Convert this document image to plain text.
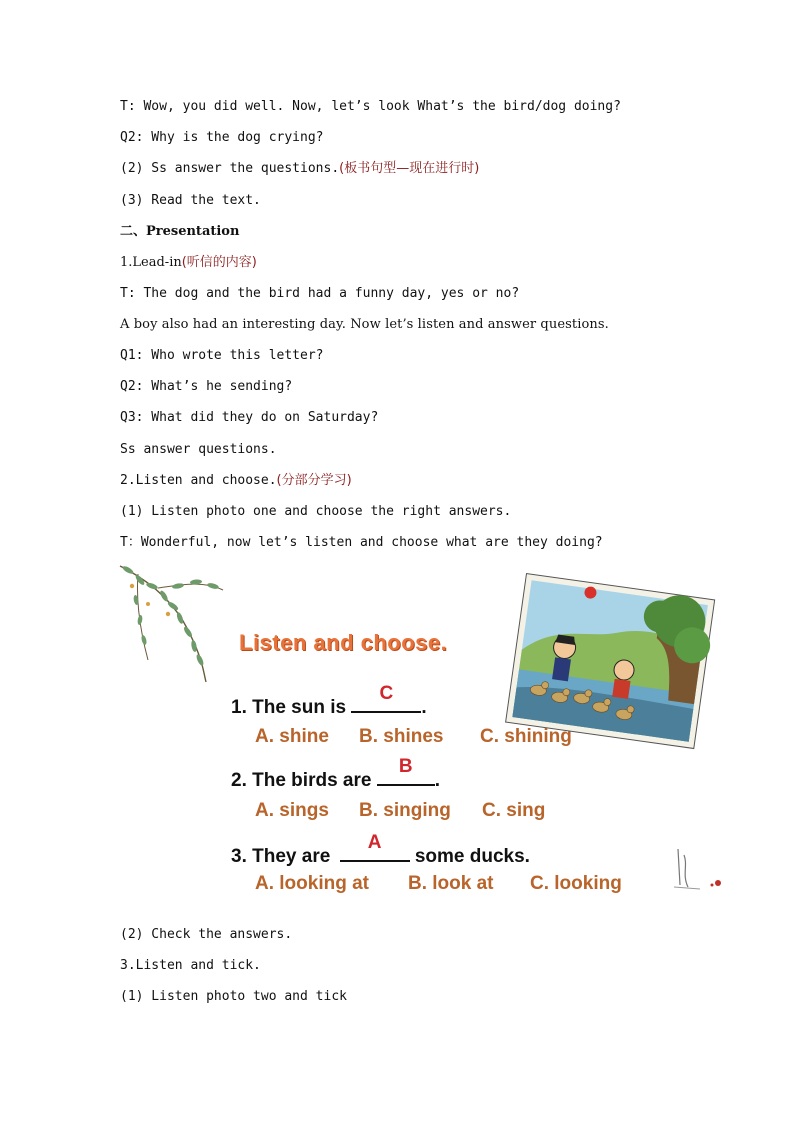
T: Wow, you did well. Now, let’s look What’s the bird/dog doing?
Q2: Why is the dog crying?
(2) Ss answer the questions.(板书句型—现在进行时)
(3) Read the text.
二、Presentation
1.Lead-in(听信的内容)
T: The dog and the bird had a funny day, yes or no?
A boy also had an interesting day. Now let’s listen and answer questions.
Q1: Who wrote this letter?
Q2: What’s he sending?
Q3: What did they do on Saturday?
Ss answer questions.
2.Listen and choose.(分部分学习)
(1) Listen photo one and choose the right answers.
T：Wonderful, now let’s listen and choose what are they doing?
Listen and choose.
1. The sun is
C
.
A. shine B. shines C. shining
2. The birds are
B
.
A. sings B. singing C. sing
3. They are
A
some ducks.
A. looking at B. look at C. looking
(2) Check the answers.
3.Listen and tick.
(1) Listen photo two and tick
